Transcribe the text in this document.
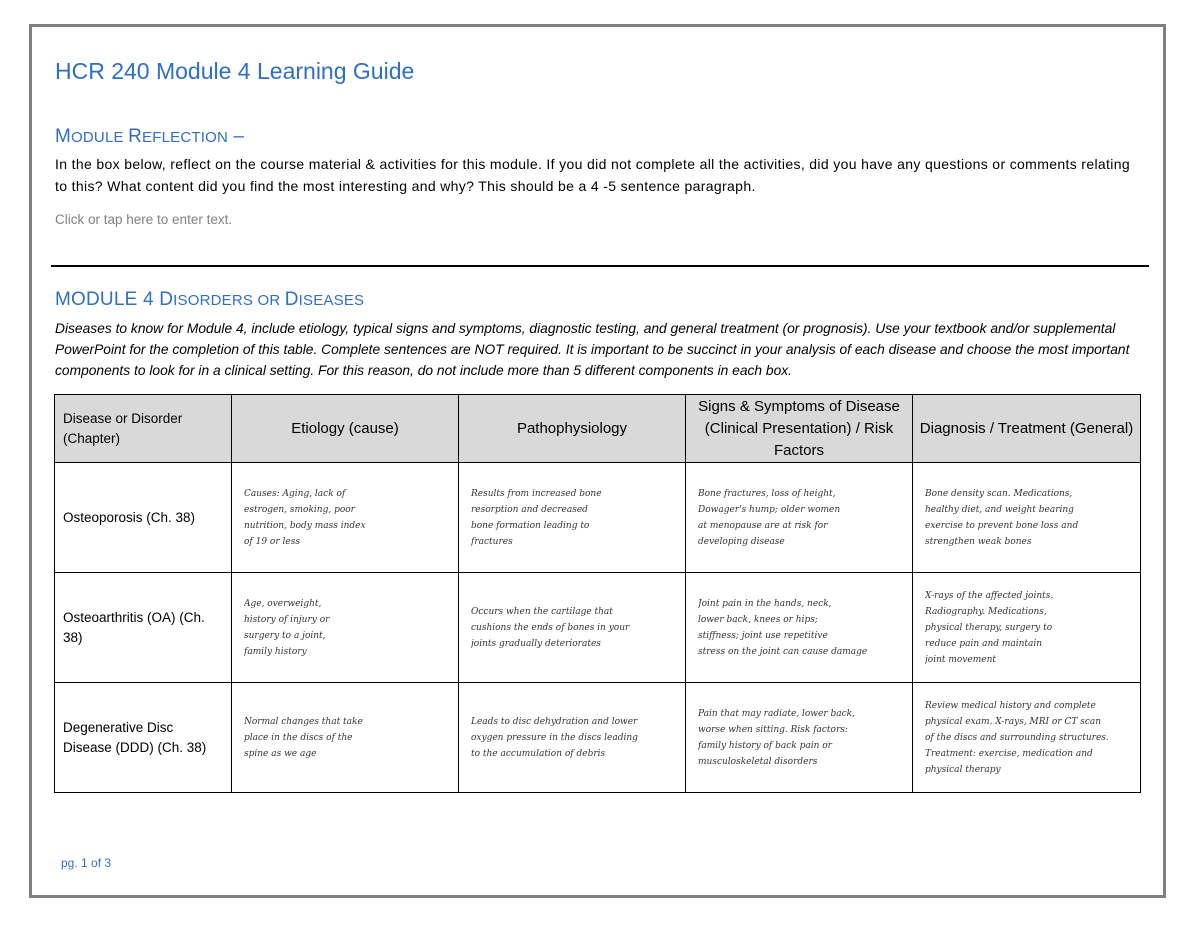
HCR 240 Module 4 Learning Guide
MODULE REFLECTION –
In the box below, reflect on the course material & activities for this module. If you did not complete all the activities, did you have any questions or comments relating to this? What content did you find the most interesting and why? This should be a 4 -5 sentence paragraph.
Click or tap here to enter text.
MODULE 4 DISORDERS OR DISEASES
Diseases to know for Module 4, include etiology, typical signs and symptoms, diagnostic testing, and general treatment (or prognosis). Use your textbook and/or supplemental PowerPoint for the completion of this table. Complete sentences are NOT required. It is important to be succinct in your analysis of each disease and choose the most important components to look for in a clinical setting. For this reason, do not include more than 5 different components in each box.
Disease or Disorder (Chapter)	Etiology (cause)	Pathophysiology	Signs & Symptoms of Disease (Clinical Presentation) / Risk Factors	Diagnosis / Treatment (General)
Osteoporosis (Ch. 38)	Causes: Aging, lack of
estrogen, smoking, poor
nutrition, body mass index
of 19 or less	Results from increased bone
resorption and decreased
bone formation leading to
fractures	Bone fractures, loss of height,
Dowager's hump; older women
at menopause are at risk for
developing disease	Bone density scan. Medications,
healthy diet, and weight bearing
exercise to prevent bone loss and
strengthen weak bones

Osteoarthritis (OA) (Ch. 38)	Age, overweight,
history of injury or
surgery to a joint,
family history	Occurs when the cartilage that
cushions the ends of bones in your
joints gradually deteriorates	Joint pain in the hands, neck,
lower back, knees or hips;
stiffness; joint use repetitive
stress on the joint can cause damage	X-rays of the affected joints.
Radiography. Medications,
physical therapy, surgery to
reduce pain and maintain
joint movement

Degenerative Disc Disease (DDD) (Ch. 38)	Normal changes that take
place in the discs of the
spine as we age	Leads to disc dehydration and lower
oxygen pressure in the discs leading
to the accumulation of debris	Pain that may radiate, lower back,
worse when sitting. Risk factors:
family history of back pain or
musculoskeletal disorders	Review medical history and complete
physical exam. X-rays, MRI or CT scan
of the discs and surrounding structures.
Treatment: exercise, medication and
physical therapy
pg. 1 of 3
